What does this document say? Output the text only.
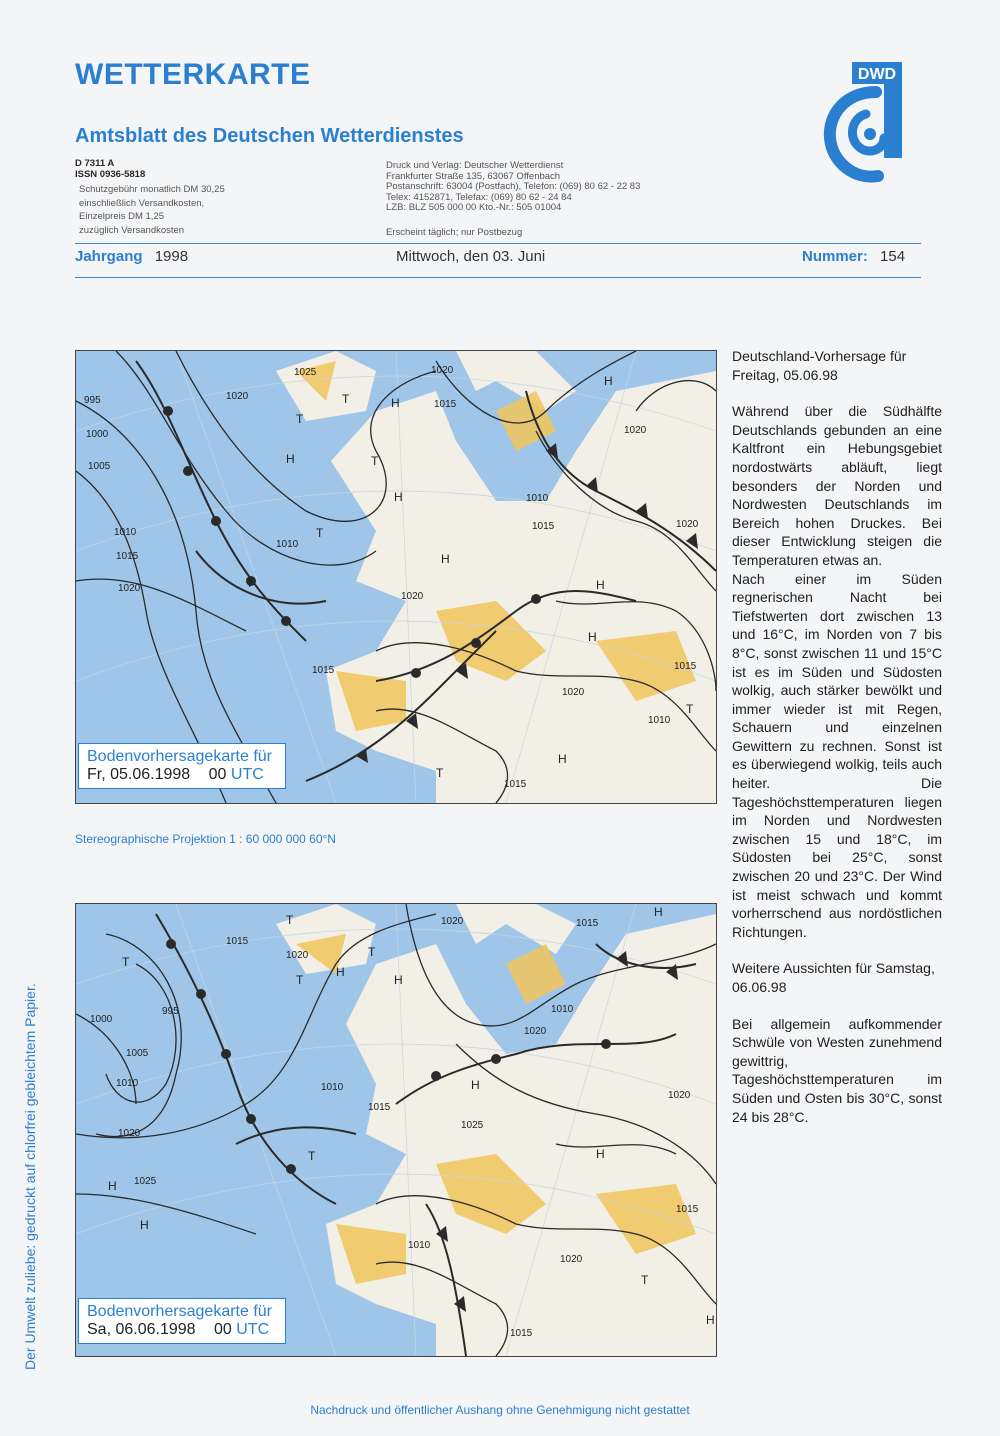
WETTERKARTE
Amtsblatt des Deutschen Wetterdienstes
DWD
D 7311 A
ISSN 0936-5818
Schutzgebühr monatlich DM 30,25
einschließlich Versandkosten,
Einzelpreis DM 1,25
zuzüglich Versandkosten
Druck und Verlag: Deutscher Wetterdienst
Frankfurter Straße 135, 63067 Offenbach
Postanschrift: 63004 (Postfach), Telefon: (069) 80 62 - 22 83
Telex: 4152871, Telefax: (069) 80 62 - 24 84
LZB: BLZ 505 000 00 Kto.-Nr.: 505 01004
Erscheint täglich; nur Postbezug
Jahrgang 1998	Mittwoch, den 03. Juni	Nummer: 154
995
1000
1005
1010
1015
1020
1020
1025	1020
1015
1010
1015
1010
1020
1015
1020
1020
1015
1020
1010
1015
H
H
H
H
H
H
H
H
T
T
T
T
T
T
T
Bodenvorhersagekarte für
Fr, 05.06.1998 00 UTC
Stereographische Projektion 1 : 60 000 000 60°N
1015
1020
995
1000
1005
1010
1020
1025
1010
1015
1020	1015
1010
1020
1025
1020
1015
1020
1010
1015
T
T
T
T
T
T
H
H
H
H
H
H
H
H
Bodenvorhersagekarte für
Sa, 06.06.1998 00 UTC
Deutschland-Vorhersage für Freitag, 05.06.98
Während über die Südhälfte Deutschlands gebunden an eine Kaltfront ein Hebungsgebiet nordostwärts abläuft, liegt besonders der Norden und Nordwesten Deutschlands im Bereich hohen Druckes. Bei dieser Entwicklung steigen die Temperaturen etwas an.
Nach einer im Süden regnerischen Nacht bei Tiefstwerten dort zwischen 13 und 16°C, im Norden von 7 bis 8°C, sonst zwischen 11 und 15°C ist es im Süden und Südosten wolkig, auch stärker bewölkt und immer wieder ist mit Regen, Schauern und einzelnen Gewittern zu rechnen. Sonst ist es überwiegend wolkig, teils auch heiter. Die Tageshöchsttemperaturen liegen im Norden und Nordwesten zwischen 15 und 18°C, im Südosten bei 25°C, sonst zwischen 20 und 23°C. Der Wind ist meist schwach und kommt vorherrschend aus nordöstlichen Richtungen.
Weitere Aussichten für Samstag, 06.06.98
Bei allgemein aufkommender Schwüle von Westen zunehmend gewittrig, Tageshöchsttemperaturen im Süden und Osten bis 30°C, sonst 24 bis 28°C.
Der Umwelt zuliebe: gedruckt auf chlorfrei gebleichtem Papier.
Nachdruck und öffentlicher Aushang ohne Genehmigung nicht gestattet
